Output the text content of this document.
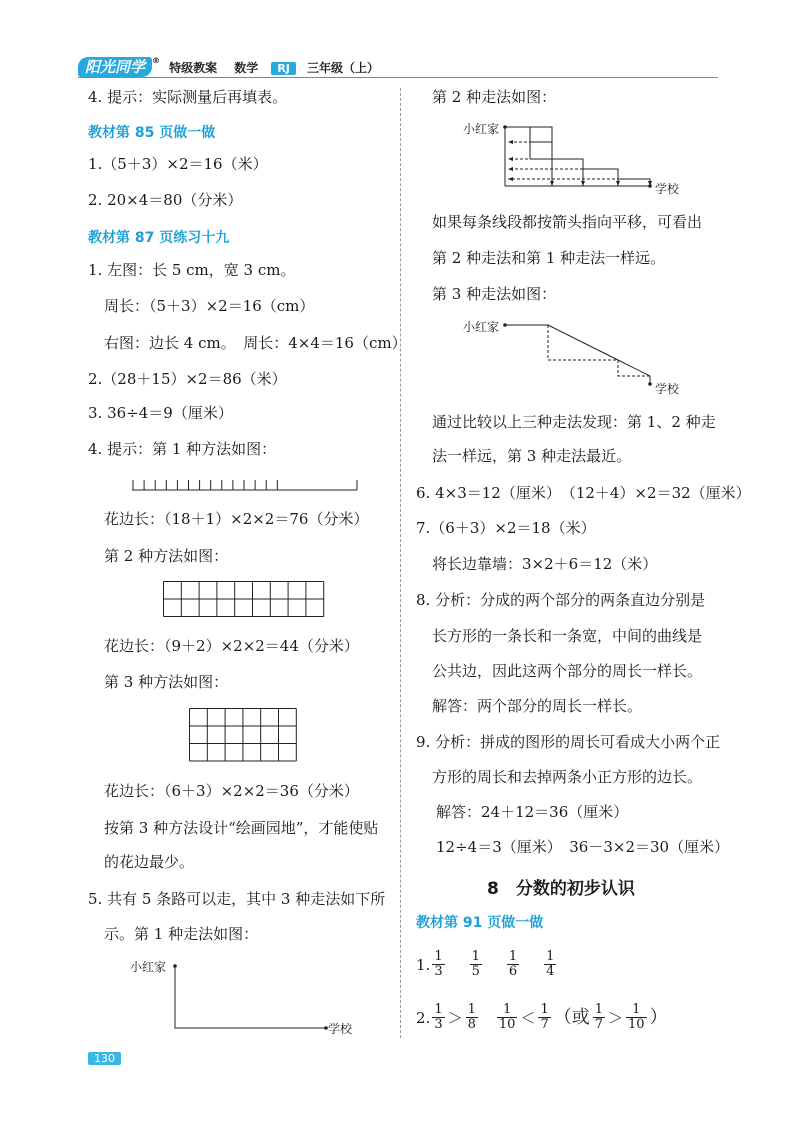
阳光同学 ® 特级教案 数学 RJ 三年级（上）
4. 提示：实际测量后再填表。
教材第 85 页做一做
1.（5＋3）×2＝16（米）
2. 20×4＝80（分米）
教材第 87 页练习十九
1. 左图：长 5 cm，宽 3 cm。
周长：（5＋3）×2＝16（cm）
右图：边长 4 cm。　周长：4×4＝16（cm）
2.（28＋15）×2＝86（米）
3. 36÷4＝9（厘米）
4. 提示：第 1 种方法如图：
花边长：（18＋1）×2×2＝76（分米）
第 2 种方法如图：
花边长：（9＋2）×2×2＝44（分米）
第 3 种方法如图：
花边长：（6＋3）×2×2＝36（分米）
按第 3 种方法设计“绘画园地”，才能使贴
的花边最少。
5. 共有 5 条路可以走，其中 3 种走法如下所
示。第 1 种走法如图：
小红家
学校
130
第 2 种走法如图：
小红家
学校
如果每条线段都按箭头指向平移，可看出
第 2 种走法和第 1 种走法一样远。
第 3 种走法如图：
小红家
学校
通过比较以上三种走法发现：第 1、2 种走
法一样远，第 3 种走法最近。
6. 4×3＝12（厘米）　（12＋4）×2＝32（厘米）
7.（6＋3）×2＝18（米）
将长边靠墙：3×2＋6＝12（米）
8. 分析：分成的两个部分的两条直边分别是
长方形的一条长和一条宽，中间的曲线是
公共边，因此这两个部分的周长一样长。
解答：两个部分的周长一样长。
9. 分析：拼成的图形的周长可看成大小两个正
方形的周长和去掉两条小正方形的边长。
解答：24＋12＝36（厘米）
12÷4＝3（厘米）　36－3×2＝30（厘米）
8　分数的初步认识
教材第 91 页做一做
1. $\frac{1}{3} \frac{1}{5} \frac{1}{6} \frac{1}{4}$
2. $\frac{1}{3} > \frac{1}{8} \frac{1}{10} < \frac{1}{7}$ （或 $\frac{1}{7} > \frac{1}{10}$ ）
